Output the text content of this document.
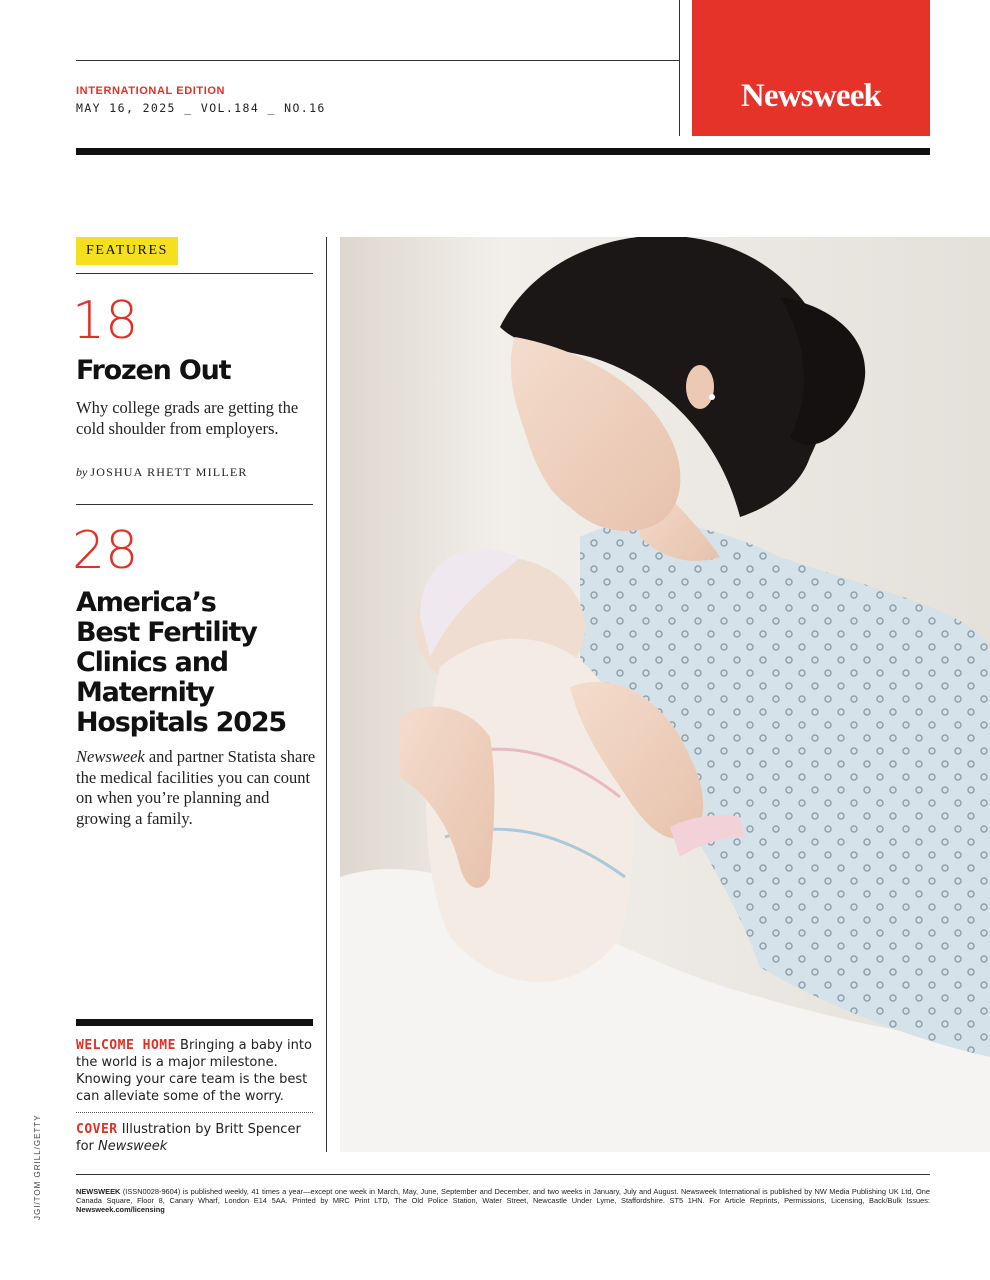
INTERNATIONAL EDITION
MAY 16, 2025 _ VOL.184 _ NO.16	Newsweek
FEATURES
18
Frozen Out
Why college grads are getting the cold shoulder from employers.
by JOSHUA RHETT MILLER
28
America’s
Best Fertility
Clinics and
Maternity
Hospitals 2025
Newsweek and partner Statista share the medical facilities you can count on when you’re planning and growing a family.
WELCOME HOME Bringing a baby into the world is a major milestone. Knowing your care team is the best can alleviate some of the worry.
COVER Illustration by Britt Spencer for Newsweek
JGI/TOM GRILL/GETTY	NEWSWEEK (ISSN0028-9604) is published weekly, 41 times a year—except one week in March, May, June, September and December, and two weeks in January, July and August. Newsweek International is published by NW Media Publishing UK Ltd, One Canada Square, Floor 8, Canary Wharf, London E14 5AA. Printed by MRC Print LTD, The Old Police Station, Water Street, Newcastle Under Lyme, Staffordshire. ST5 1HN. For Article Reprints, Permissions, Licensing, Back/Bulk Issues: Newsweek.com/licensing
